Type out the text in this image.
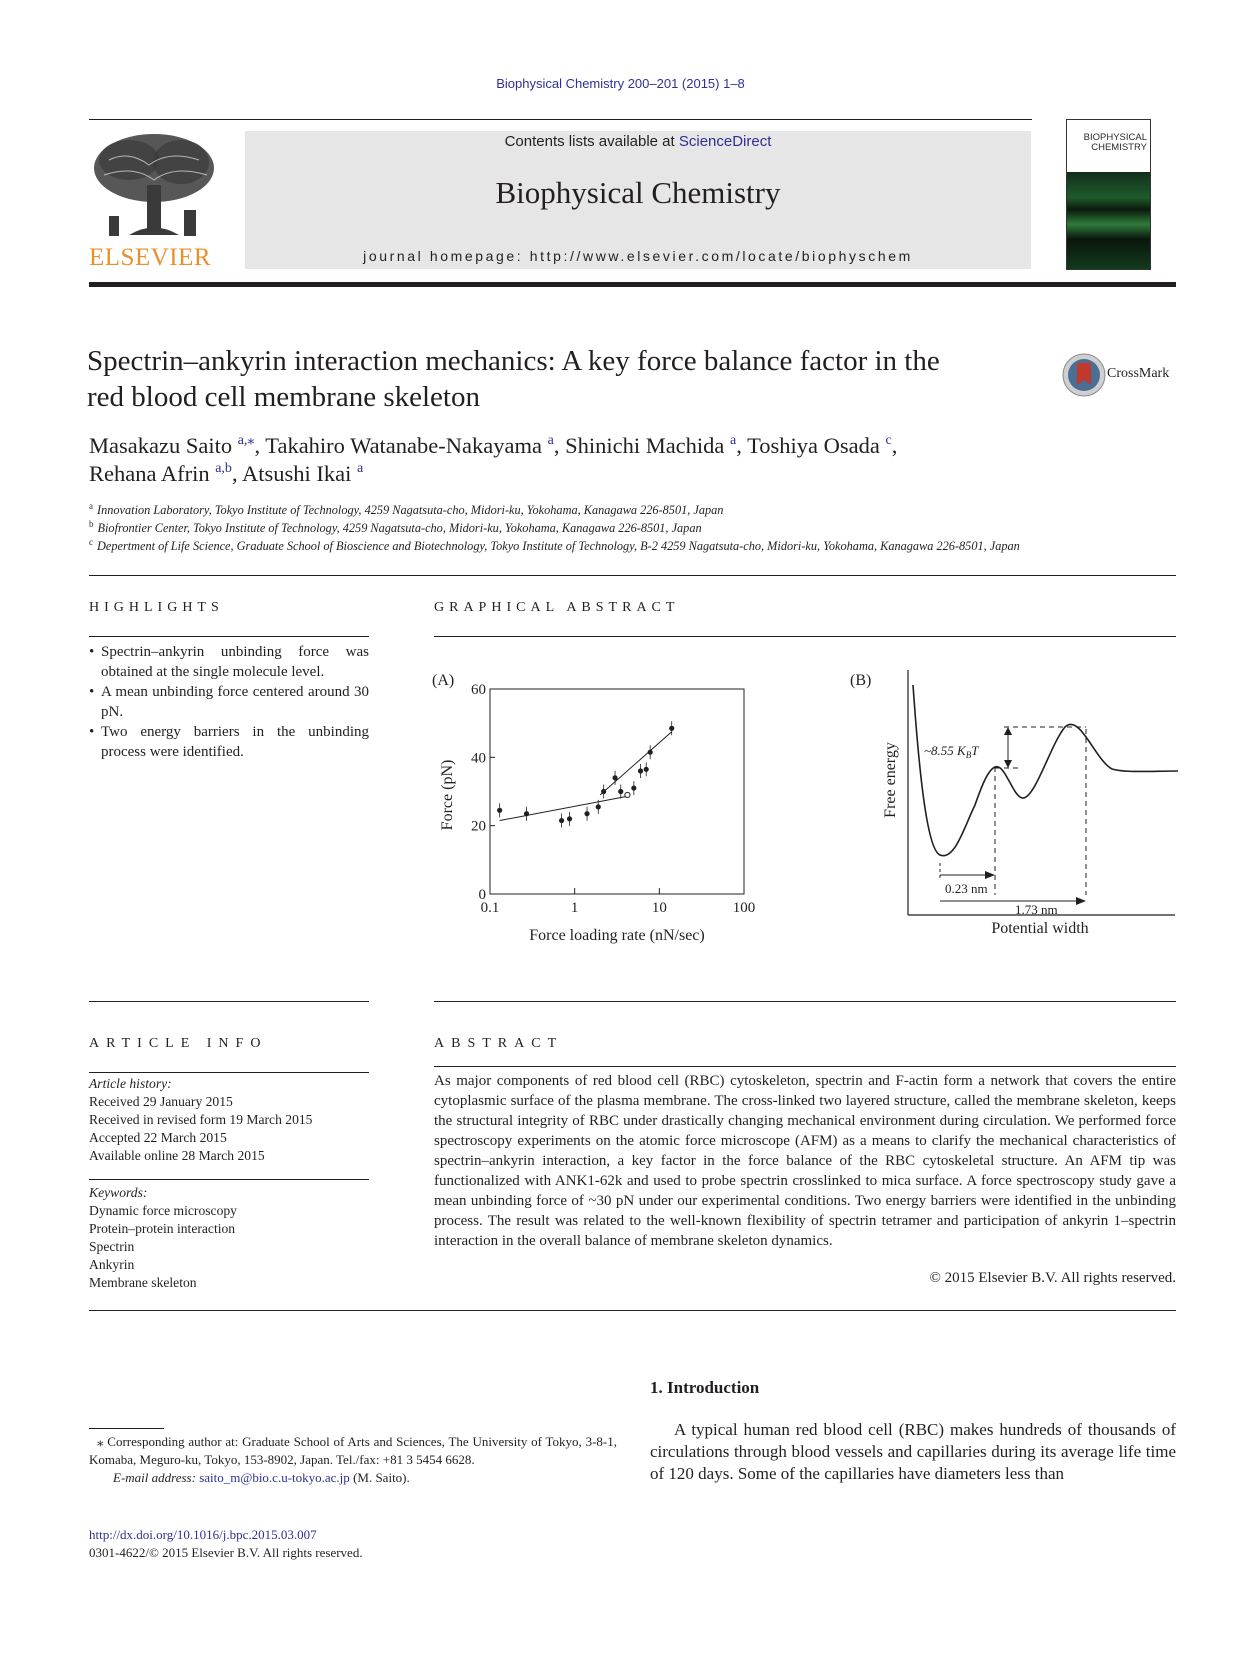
Biophysical Chemistry 200–201 (2015) 1–8
ELSEVIER
Contents lists available at ScienceDirect
Biophysical Chemistry
journal homepage: http://www.elsevier.com/locate/biophyschem
BIOPHYSICAL
CHEMISTRY
Spectrin–ankyrin interaction mechanics: A key force balance factor in the
red blood cell membrane skeleton
CrossMark
Masakazu Saito $^{a,⁎}$, Takahiro Watanabe-Nakayama $^a$, Shinichi Machida $^a$, Toshiya Osada $^c$,
Rehana Afrin $^{a,b}$, Atsushi Ikai $^a$
$^a$ Innovation Laboratory, Tokyo Institute of Technology, 4259 Nagatsuta-cho, Midori-ku, Yokohama, Kanagawa 226-8501, Japan
$^b$ Biofrontier Center, Tokyo Institute of Technology, 4259 Nagatsuta-cho, Midori-ku, Yokohama, Kanagawa 226-8501, Japan
$^c$ Depertment of Life Science, Graduate School of Bioscience and Biotechnology, Tokyo Institute of Technology, B-2 4259 Nagatsuta-cho, Midori-ku, Yokohama, Kanagawa 226-8501, Japan
HIGHLIGHTS
• Spectrin–ankyrin unbinding force was obtained at the single molecule level.
• A mean unbinding force centered around 30 pN.
• Two energy barriers in the unbinding process were identified.
GRAPHICAL ABSTRACT
(A)
0
20
40
60
0.1	1	10	100
Force (pN)
Force loading rate (nN/sec)
(B)
~8.55 $K_BT$
0.23 nm
1.73 nm
Potential width
Free energy
ARTICLE INFO
Article history:
Received 29 January 2015
Received in revised form 19 March 2015
Accepted 22 March 2015
Available online 28 March 2015
Keywords:
Dynamic force microscopy
Protein–protein interaction
Spectrin
Ankyrin
Membrane skeleton
ABSTRACT
As major components of red blood cell (RBC) cytoskeleton, spectrin and F-actin form a network that covers the entire cytoplasmic surface of the plasma membrane. The cross-linked two layered structure, called the membrane skeleton, keeps the structural integrity of RBC under drastically changing mechanical environment during circulation. We performed force spectroscopy experiments on the atomic force microscope (AFM) as a means to clarify the mechanical characteristics of spectrin–ankyrin interaction, a key factor in the force balance of the RBC cytoskeletal structure. An AFM tip was functionalized with ANK1-62k and used to probe spectrin crosslinked to mica surface. A force spectroscopy study gave a mean unbinding force of ~30 pN under our experimental conditions. Two energy barriers were identified in the unbinding process. The result was related to the well-known flexibility of spectrin tetramer and participation of ankyrin 1–spectrin interaction in the overall balance of membrane skeleton dynamics.
© 2015 Elsevier B.V. All rights reserved.
1. Introduction
A typical human red blood cell (RBC) makes hundreds of thousands of circulations through blood vessels and capillaries during its average life time of 120 days. Some of the capillaries have diameters less than
⁎ Corresponding author at: Graduate School of Arts and Sciences, The University of Tokyo, 3-8-1, Komaba, Meguro-ku, Tokyo, 153-8902, Japan. Tel./fax: +81 3 5454 6628.
E-mail address: saito_m@bio.c.u-tokyo.ac.jp (M. Saito).
http://dx.doi.org/10.1016/j.bpc.2015.03.007
0301-4622/© 2015 Elsevier B.V. All rights reserved.
